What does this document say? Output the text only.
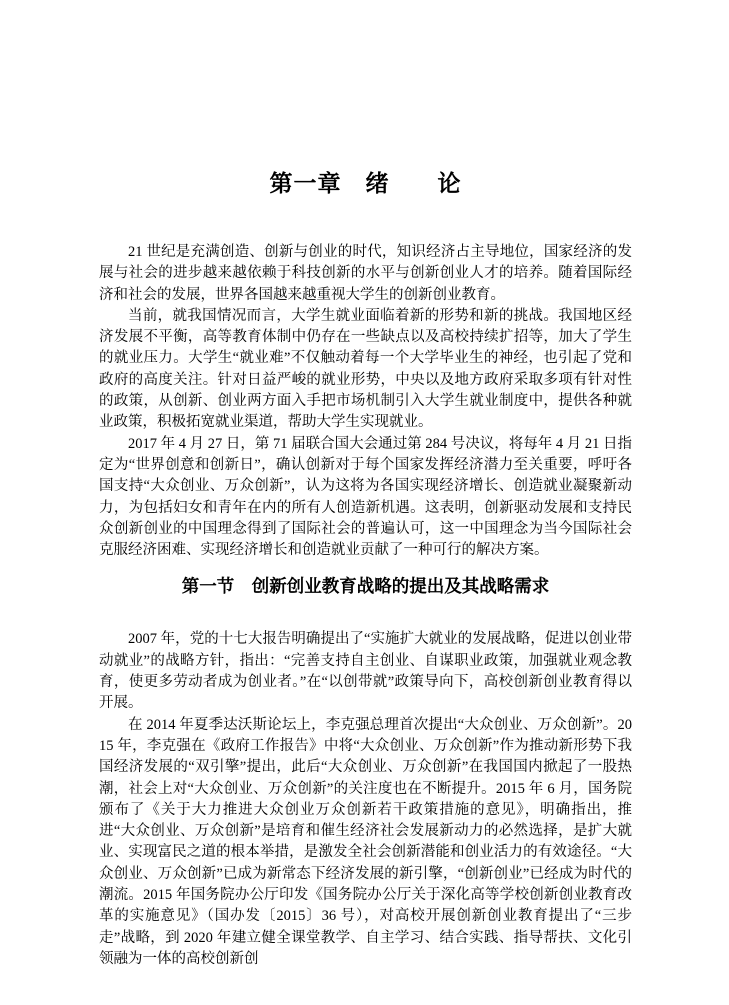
第一章　绪　　论

21 世纪是充满创造、创新与创业的时代，知识经济占主导地位，国家经济的发展与社会的进步越来越依赖于科技创新的水平与创新创业人才的培养。随着国际经济和社会的发展，世界各国越来越重视大学生的创新创业教育。

当前，就我国情况而言，大学生就业面临着新的形势和新的挑战。我国地区经济发展不平衡，高等教育体制中仍存在一些缺点以及高校持续扩招等，加大了学生的就业压力。大学生“就业难”不仅触动着每一个大学毕业生的神经，也引起了党和政府的高度关注。针对日益严峻的就业形势，中央以及地方政府采取多项有针对性的政策，从创新、创业两方面入手把市场机制引入大学生就业制度中，提供各种就业政策，积极拓宽就业渠道，帮助大学生实现就业。

2017 年 4 月 27 日，第 71 届联合国大会通过第 284 号决议，将每年 4 月 21 日指定为“世界创意和创新日”，确认创新对于每个国家发挥经济潜力至关重要，呼吁各国支持“大众创业、万众创新”，认为这将为各国实现经济增长、创造就业凝聚新动力，为包括妇女和青年在内的所有人创造新机遇。这表明，创新驱动发展和支持民众创新创业的中国理念得到了国际社会的普遍认可，这一中国理念为当今国际社会克服经济困难、实现经济增长和创造就业贡献了一种可行的解决方案。

第一节　创新创业教育战略的提出及其战略需求

2007 年，党的十七大报告明确提出了“实施扩大就业的发展战略，促进以创业带动就业”的战略方针，指出：“完善支持自主创业、自谋职业政策，加强就业观念教育，使更多劳动者成为创业者。”在“以创带就”政策导向下，高校创新创业教育得以开展。

在 2014 年夏季达沃斯论坛上，李克强总理首次提出“大众创业、万众创新”。2015 年，李克强在《政府工作报告》中将“大众创业、万众创新”作为推动新形势下我国经济发展的“双引擎”提出，此后“大众创业、万众创新”在我国国内掀起了一股热潮，社会上对“大众创业、万众创新”的关注度也在不断提升。2015 年 6 月，国务院颁布了《关于大力推进大众创业万众创新若干政策措施的意见》，明确指出，推进“大众创业、万众创新”是培育和催生经济社会发展新动力的必然选择，是扩大就业、实现富民之道的根本举措，是激发全社会创新潜能和创业活力的有效途径。“大众创业、万众创新”已成为新常态下经济发展的新引擎，“创新创业”已经成为时代的潮流。2015 年国务院办公厅印发《国务院办公厅关于深化高等学校创新创业教育改革的实施意见》（国办发〔2015〕36 号），对高校开展创新创业教育提出了“三步走”战略，到 2020 年建立健全课堂教学、自主学习、结合实践、指导帮扶、文化引领融为一体的高校创新创
